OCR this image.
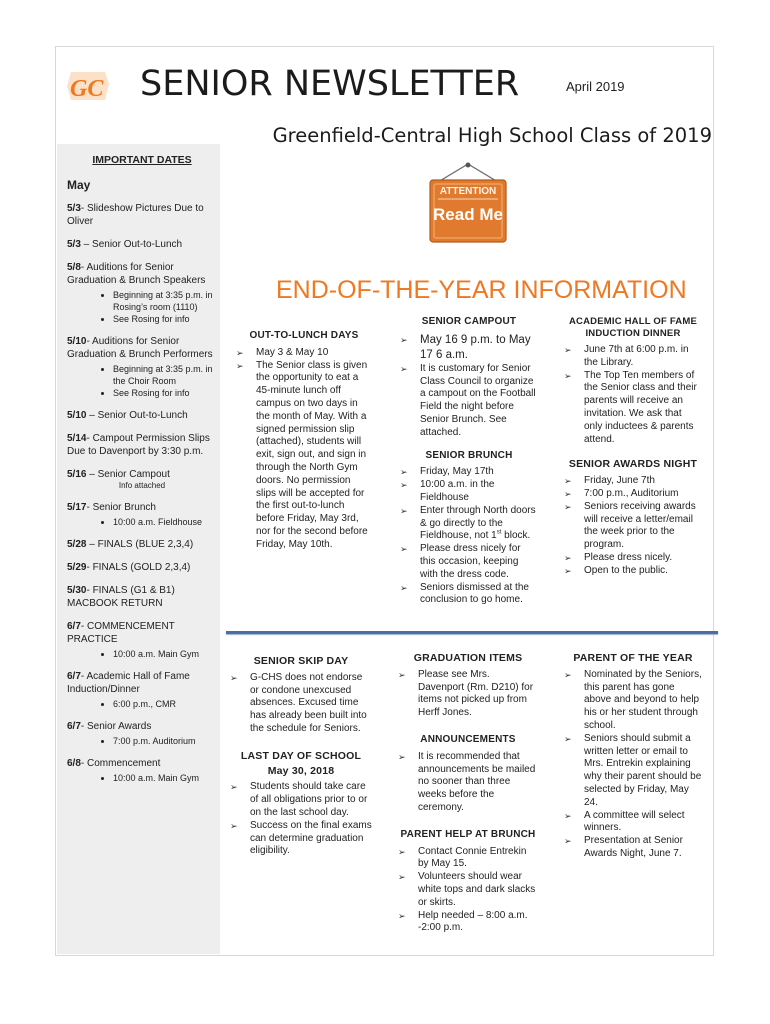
GC SENIOR NEWSLETTER	April 2019
Greenfield-Central High School Class of 2019
IMPORTANT DATES
May
5/3- Slideshow Pictures Due to Oliver
5/3 – Senior Out-to-Lunch
5/8- Auditions for Senior Graduation & Brunch Speakers
• Beginning at 3:35 p.m. in Rosing’s room (1110)
• See Rosing for info
5/10- Auditions for Senior Graduation & Brunch Performers
• Beginning at 3:35 p.m. in the Choir Room
• See Rosing for info
5/10 – Senior Out-to-Lunch
5/14- Campout Permission Slips Due to Davenport by 3:30 p.m.
5/16 – Senior Campout
Info attached
5/17- Senior Brunch
• 10:00 a.m. Fieldhouse
5/28 – FINALS (BLUE 2,3,4)
5/29- FINALS (GOLD 2,3,4)
5/30- FINALS (G1 & B1) MACBOOK RETURN
6/7- COMMENCEMENT PRACTICE
• 10:00 a.m. Main Gym
6/7- Academic Hall of Fame Induction/Dinner
• 6:00 p.m., CMR
6/7- Senior Awards
• 7:00 p.m. Auditorium
6/8- Commencement
• 10:00 a.m. Main Gym
ATTENTION
Read Me
END-OF-THE-YEAR INFORMATION
OUT-TO-LUNCH DAYS
➢ May 3 & May 10
➢ The Senior class is given the opportunity to eat a 45-minute lunch off campus on two days in the month of May. With a signed permission slip (attached), students will exit, sign out, and sign in through the North Gym doors. No permission slips will be accepted for the first out-to-lunch before Friday, May 3rd, nor for the second before Friday, May 10th.
SENIOR CAMPOUT
➢ May 16 9 p.m. to May 17 6 a.m.
➢ It is customary for Senior Class Council to organize a campout on the Football Field the night before Senior Brunch. See attached.
SENIOR BRUNCH
➢ Friday, May 17th
➢ 10:00 a.m. in the Fieldhouse
➢ Enter through North doors & go directly to the Fieldhouse, not 1st block.
➢ Please dress nicely for this occasion, keeping with the dress code.
➢ Seniors dismissed at the conclusion to go home.
ACADEMIC HALL OF FAME INDUCTION DINNER
➢ June 7th at 6:00 p.m. in the Library.
➢ The Top Ten members of the Senior class and their parents will receive an invitation. We ask that only inductees & parents attend.
SENIOR AWARDS NIGHT
➢ Friday, June 7th
➢ 7:00 p.m., Auditorium
➢ Seniors receiving awards will receive a letter/email the week prior to the program.
➢ Please dress nicely.
➢ Open to the public.
SENIOR SKIP DAY
➢ G-CHS does not endorse or condone unexcused absences. Excused time has already been built into the schedule for Seniors.
LAST DAY OF SCHOOL
May 30, 2018
➢ Students should take care of all obligations prior to or on the last school day.
➢ Success on the final exams can determine graduation eligibility.
GRADUATION ITEMS
➢ Please see Mrs. Davenport (Rm. D210) for items not picked up from Herff Jones.
ANNOUNCEMENTS
➢ It is recommended that announcements be mailed no sooner than three weeks before the ceremony.
PARENT HELP AT BRUNCH
➢ Contact Connie Entrekin by May 15.
➢ Volunteers should wear white tops and dark slacks or skirts.
➢ Help needed – 8:00 a.m. -2:00 p.m.
PARENT OF THE YEAR
➢ Nominated by the Seniors, this parent has gone above and beyond to help his or her student through school.
➢ Seniors should submit a written letter or email to Mrs. Entrekin explaining why their parent should be selected by Friday, May 24.
➢ A committee will select winners.
➢ Presentation at Senior Awards Night, June 7.
